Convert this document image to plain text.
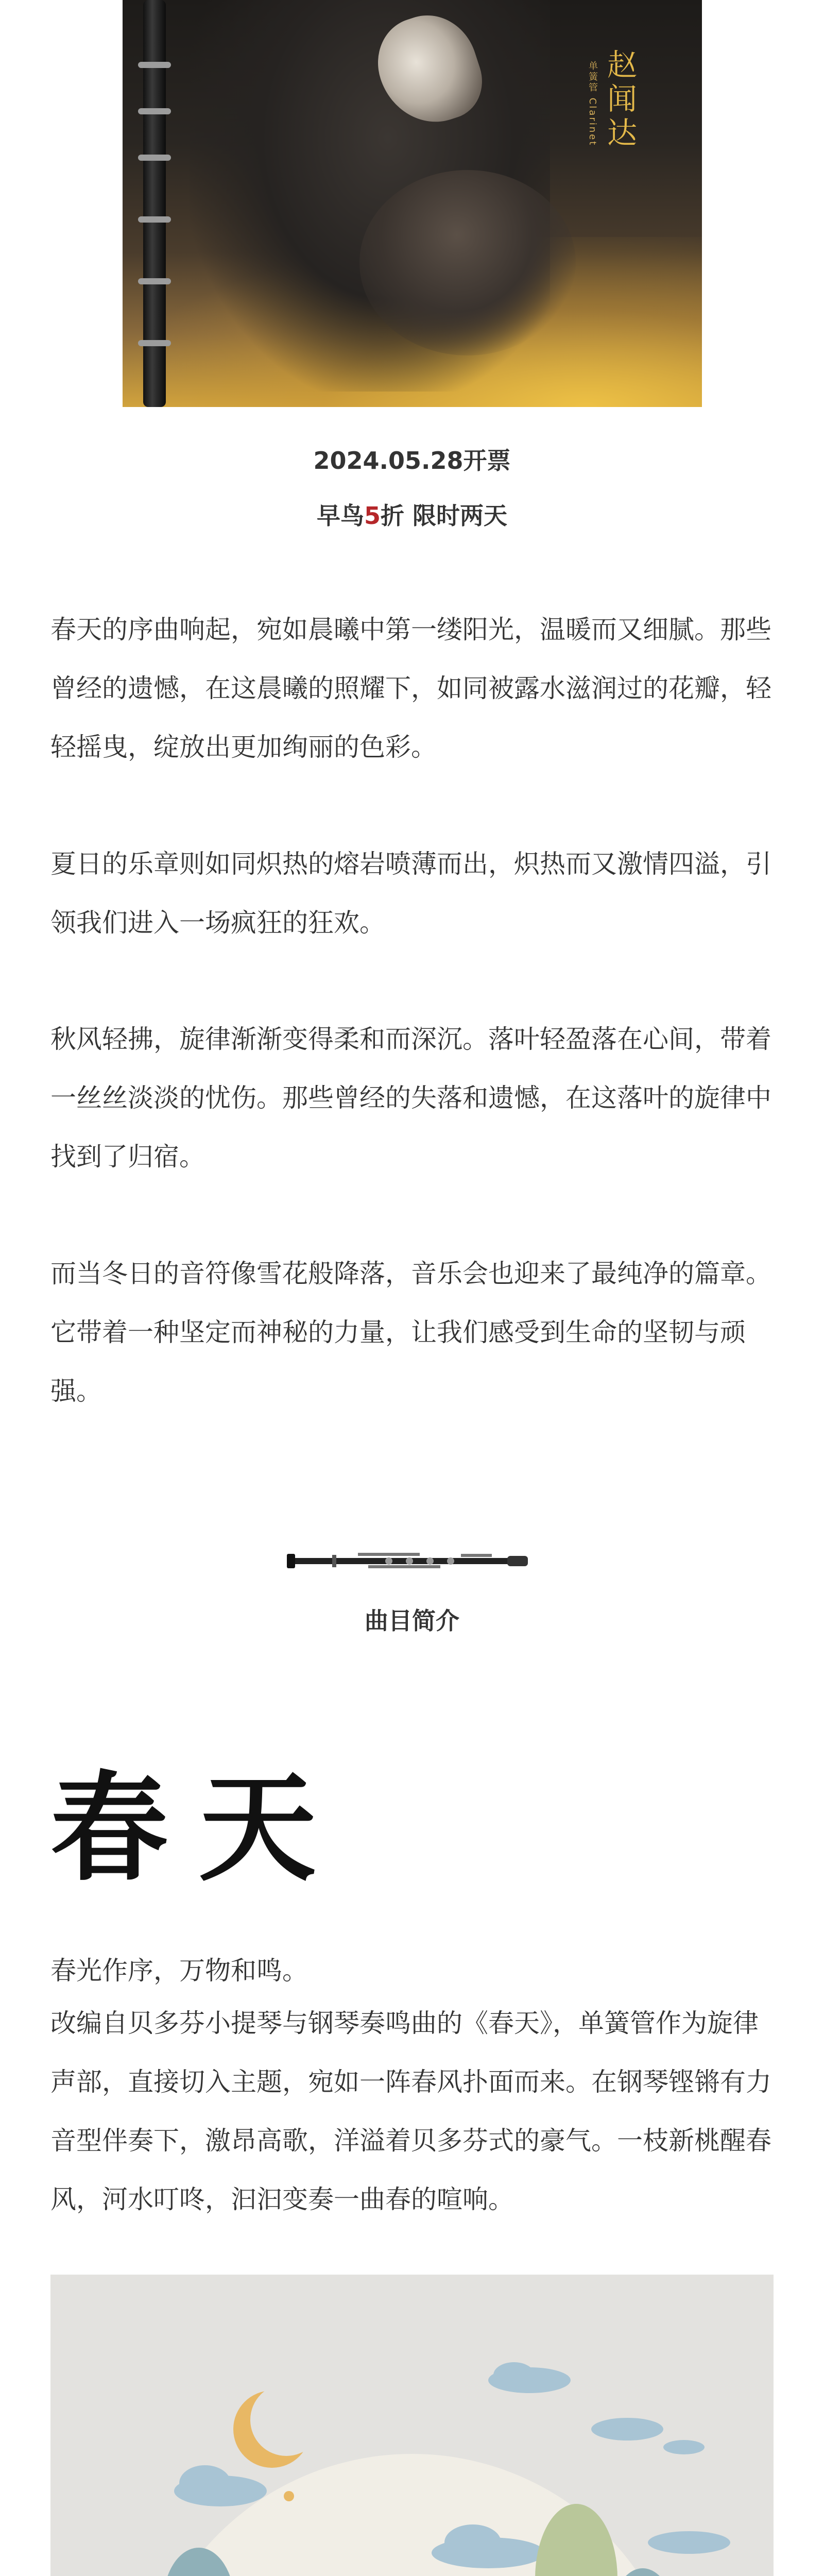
赵闻达
单簧管 Clarinet
2024.05.28开票
早鸟5折 限时两天
春天的序曲响起，宛如晨曦中第一缕阳光，温暖而又细腻。那些曾经的遗憾，在这晨曦的照耀下，如同被露水滋润过的花瓣，轻轻摇曳，绽放出更加绚丽的色彩。
夏日的乐章则如同炽热的熔岩喷薄而出，炽热而又激情四溢，引领我们进入一场疯狂的狂欢。
秋风轻拂，旋律渐渐变得柔和而深沉。落叶轻盈落在心间，带着一丝丝淡淡的忧伤。那些曾经的失落和遗憾，在这落叶的旋律中找到了归宿。
而当冬日的音符像雪花般降落，音乐会也迎来了最纯净的篇章。它带着一种坚定而神秘的力量，让我们感受到生命的坚韧与顽强。
曲目简介
春天
春光作序，万物和鸣。
改编自贝多芬小提琴与钢琴奏鸣曲的《春天》，单簧管作为旋律声部，直接切入主题，宛如一阵春风扑面而来。在钢琴铿锵有力音型伴奏下，激昂高歌，洋溢着贝多芬式的豪气。一枝新桃醒春风，河水叮咚，汩汩变奏一曲春的喧响。
